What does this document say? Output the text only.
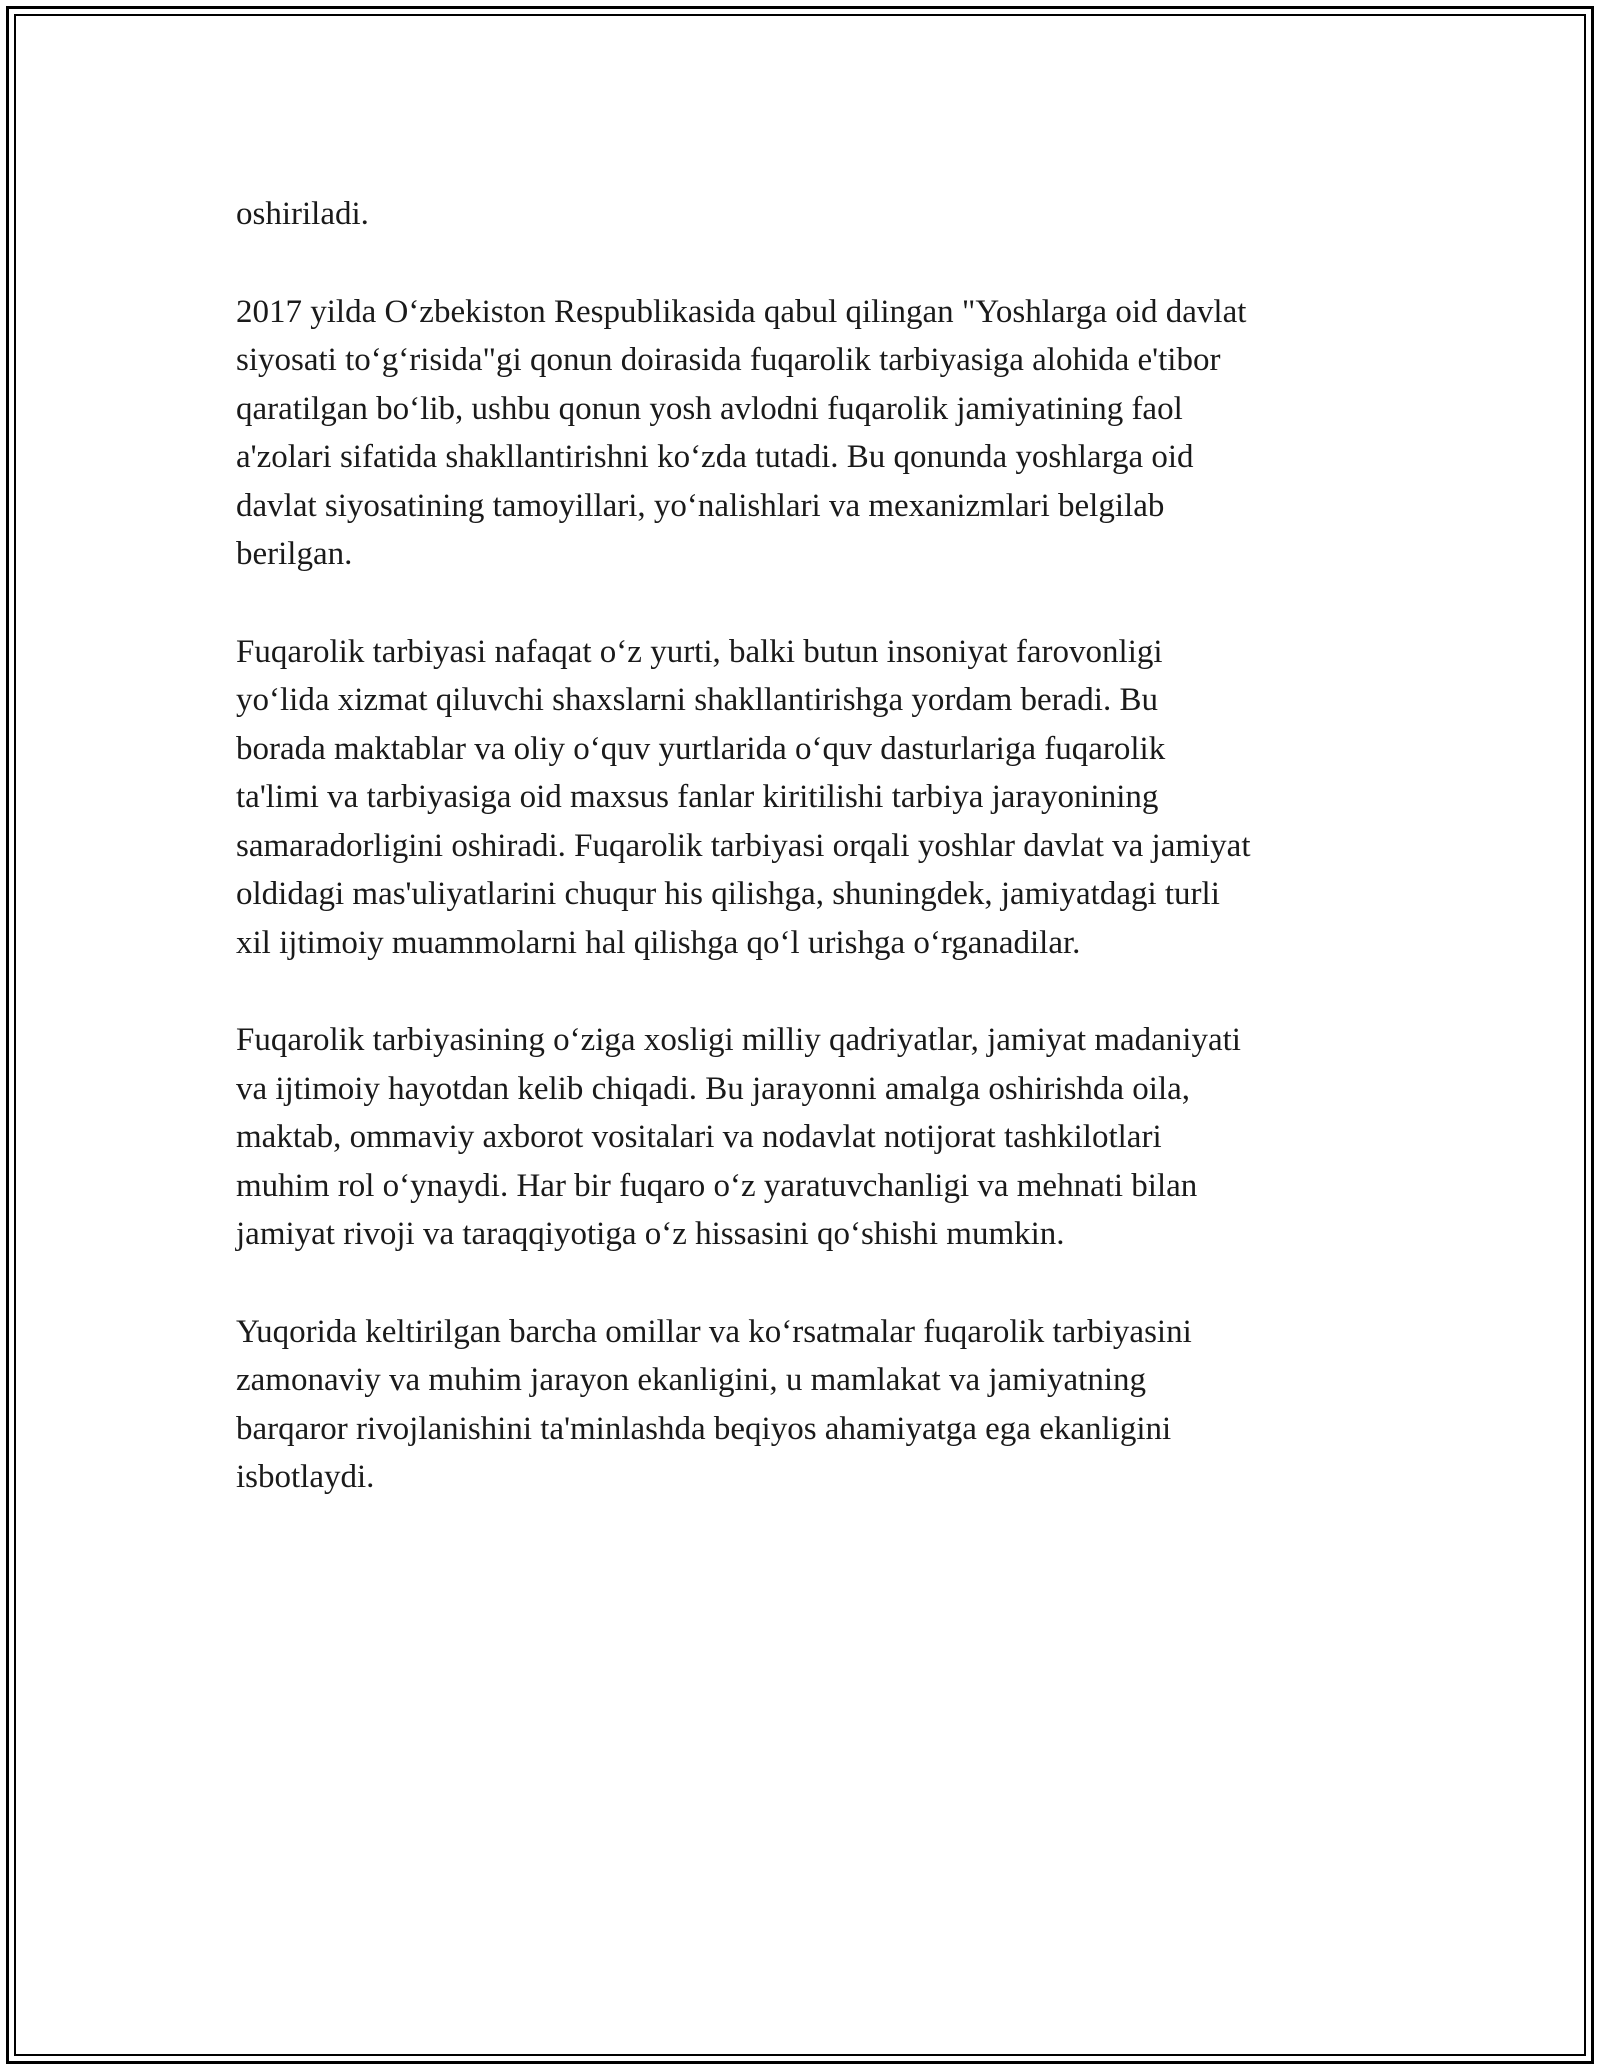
oshiriladi.
2017 yilda Oʻzbekiston Respublikasida qabul qilingan "Yoshlarga oid davlat
siyosati toʻgʻrisida"gi qonun doirasida fuqarolik tarbiyasiga alohida e'tibor
qaratilgan boʻlib, ushbu qonun yosh avlodni fuqarolik jamiyatining faol
a'zolari sifatida shakllantirishni koʻzda tutadi. Bu qonunda yoshlarga oid
davlat siyosatining tamoyillari, yoʻnalishlari va mexanizmlari belgilab
berilgan.
Fuqarolik tarbiyasi nafaqat oʻz yurti, balki butun insoniyat farovonligi
yoʻlida xizmat qiluvchi shaxslarni shakllantirishga yordam beradi. Bu
borada maktablar va oliy oʻquv yurtlarida oʻquv dasturlariga fuqarolik
ta'limi va tarbiyasiga oid maxsus fanlar kiritilishi tarbiya jarayonining
samaradorligini oshiradi. Fuqarolik tarbiyasi orqali yoshlar davlat va jamiyat
oldidagi mas'uliyatlarini chuqur his qilishga, shuningdek, jamiyatdagi turli
xil ijtimoiy muammolarni hal qilishga qoʻl urishga oʻrganadilar.
Fuqarolik tarbiyasining oʻziga xosligi milliy qadriyatlar, jamiyat madaniyati
va ijtimoiy hayotdan kelib chiqadi. Bu jarayonni amalga oshirishda oila,
maktab, ommaviy axborot vositalari va nodavlat notijorat tashkilotlari
muhim rol oʻynaydi. Har bir fuqaro oʻz yaratuvchanligi va mehnati bilan
jamiyat rivoji va taraqqiyotiga oʻz hissasini qoʻshishi mumkin.
Yuqorida keltirilgan barcha omillar va koʻrsatmalar fuqarolik tarbiyasini
zamonaviy va muhim jarayon ekanligini, u mamlakat va jamiyatning
barqaror rivojlanishini ta'minlashda beqiyos ahamiyatga ega ekanligini
isbotlaydi.
